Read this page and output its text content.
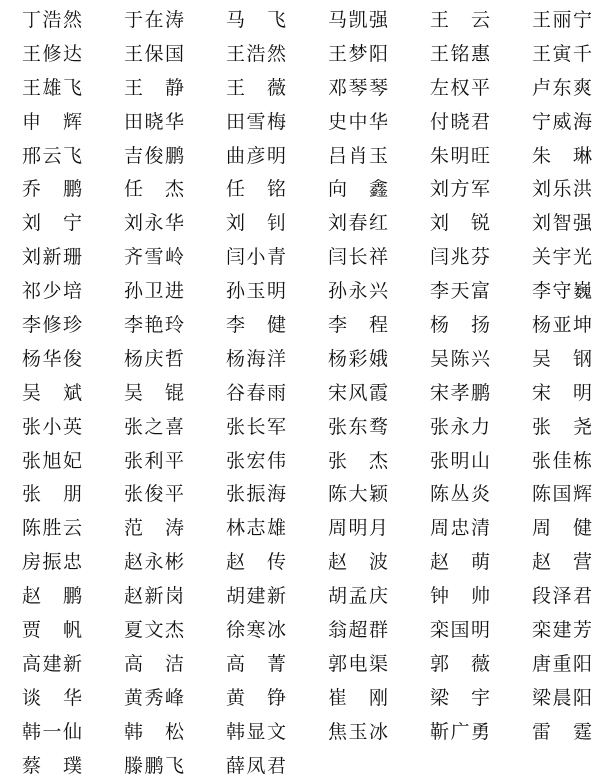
丁浩然 于在涛 马　飞 马凯强 王　云 王丽宁
王修达 王保国 王浩然 王梦阳 王铭惠 王寅千
王雄飞 王　静 王　薇 邓琴琴 左权平 卢东爽
申　辉 田晓华 田雪梅 史中华 付晓君 宁威海
邢云飞 吉俊鹏 曲彦明 吕肖玉 朱明旺 朱　琳
乔　鹏 任　杰 任　铭 向　鑫 刘方军 刘乐洪
刘　宁 刘永华 刘　钊 刘春红 刘　锐 刘智强
刘新珊 齐雪岭 闫小青 闫长祥 闫兆芬 关宇光
祁少培 孙卫进 孙玉明 孙永兴 李天富 李守巍
李修珍 李艳玲 李　健 李　程 杨　扬 杨亚坤
杨华俊 杨庆哲 杨海洋 杨彩娥 吴陈兴 吴　钢
吴　斌 吴　锟 谷春雨 宋风霞 宋孝鹏 宋　明
张小英 张之喜 张长军 张东骛 张永力 张　尧
张旭妃 张利平 张宏伟 张　杰 张明山 张佳栋
张　朋 张俊平 张振海 陈大颖 陈丛炎 陈国辉
陈胜云 范　涛 林志雄 周明月 周忠清 周　健
房振忠 赵永彬 赵　传 赵　波 赵　萌 赵　营
赵　鹏 赵新岗 胡建新 胡孟庆 钟　帅 段泽君
贾　帆 夏文杰 徐寒冰 翁超群 栾国明 栾建芳
高建新 高　洁 高　菁 郭电渠 郭　薇 唐重阳
谈　华 黄秀峰 黄　铮 崔　刚 梁　宇 梁晨阳
韩一仙 韩　松 韩显文 焦玉冰 靳广勇 雷　霆
蔡　璞 滕鹏飞 薛凤君
